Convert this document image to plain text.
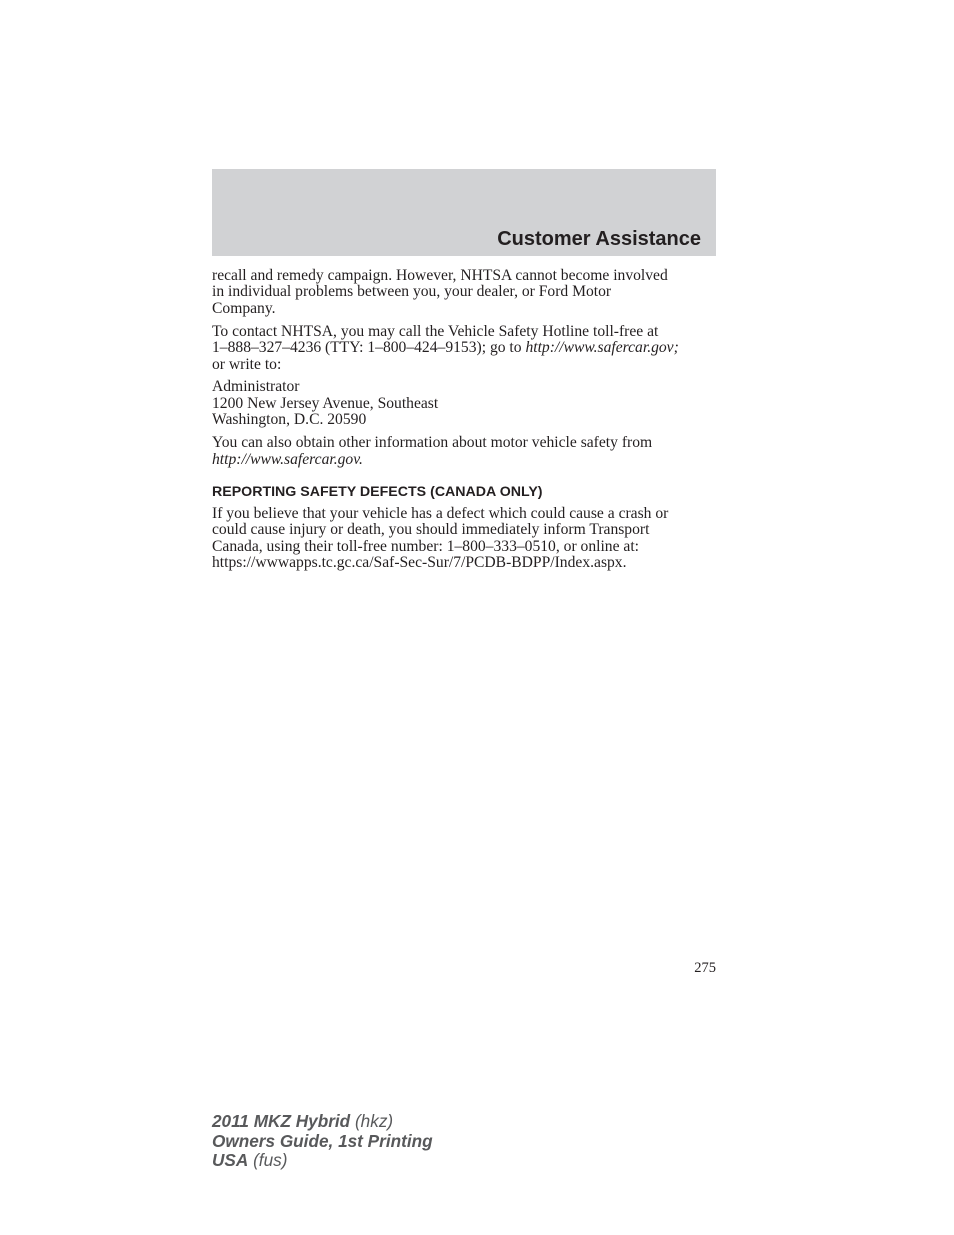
Customer Assistance

recall and remedy campaign. However, NHTSA cannot become involved
in individual problems between you, your dealer, or Ford Motor
Company.

To contact NHTSA, you may call the Vehicle Safety Hotline toll-free at
1–888–327–4236 (TTY: 1–800–424–9153); go to http://www.safercar.gov;
or write to:

Administrator
1200 New Jersey Avenue, Southeast
Washington, D.C. 20590

You can also obtain other information about motor vehicle safety from
http://www.safercar.gov.

REPORTING SAFETY DEFECTS (CANADA ONLY)

If you believe that your vehicle has a defect which could cause a crash or
could cause injury or death, you should immediately inform Transport
Canada, using their toll-free number: 1–800–333–0510, or online at:
https://wwwapps.tc.gc.ca/Saf-Sec-Sur/7/PCDB-BDPP/Index.aspx.

275
2011 MKZ Hybrid (hkz)
Owners Guide, 1st Printing
USA (fus)
